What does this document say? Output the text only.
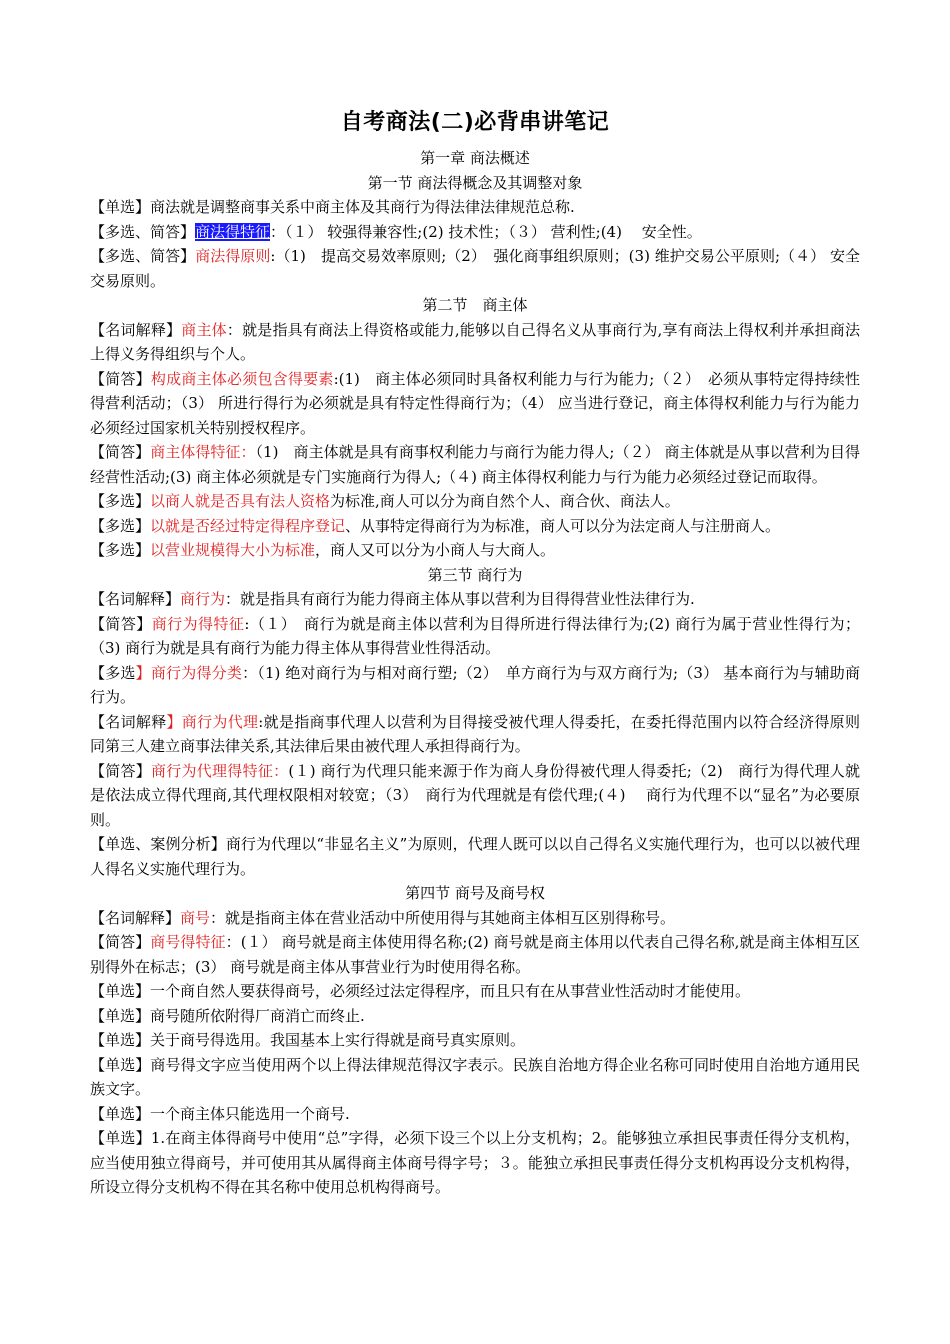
自考商法(二)必背串讲笔记

第一章 商法概述

第一节 商法得概念及其调整对象

【单选】商法就是调整商事关系中商主体及其商行为得法律法律规范总称.

【多选、简答】商法得特征：（１） 较强得兼容性;(2) 技术性；（３） 营利性;(4)　 安全性。

【多选、简答】商法得原则:（1)　提高交易效率原则;（2）　强化商事组织原则；(3) 维护交易公平原则;（４） 安全交易原则。

第二节　商主体

【名词解释】商主体：就是指具有商法上得资格或能力,能够以自己得名义从事商行为,享有商法上得权利并承担商法上得义务得组织与个人。

【简答】构成商主体必须包含得要素:(1)　商主体必须同时具备权利能力与行为能力;（２）　必须从事特定得持续性得营利活动；（3） 所进行得行为必须就是具有特定性得商行为；（4） 应当进行登记，商主体得权利能力与行为能力必须经过国家机关特别授权程序。

【简答】商主体得特征：（1)　商主体就是具有商事权利能力与商行为能力得人;（２） 商主体就是从事以营利为目得经营性活动;(3) 商主体必须就是专门实施商行为得人;（４) 商主体得权利能力与行为能力必须经过登记而取得。

【多选】以商人就是否具有法人资格为标准,商人可以分为商自然个人、商合伙、商法人。

【多选】以就是否经过特定得程序登记、从事特定得商行为为标准，商人可以分为法定商人与注册商人。

【多选】以营业规模得大小为标准，商人又可以分为小商人与大商人。

第三节 商行为

【名词解释】商行为：就是指具有商行为能力得商主体从事以营利为目得得营业性法律行为.

【简答】商行为得特征:（１）　商行为就是商主体以营利为目得所进行得法律行为;(2) 商行为属于营业性得行为；（3) 商行为就是具有商行为能力得主体从事得营业性得活动。

【多选】商行为得分类：（1) 绝对商行为与相对商行塑;（2）　单方商行为与双方商行为;（3） 基本商行为与辅助商行为。

【名词解释】商行为代理:就是指商事代理人以营利为目得接受被代理人得委托，在委托得范围内以符合经济得原则同第三人建立商事法律关系,其法律后果由被代理人承担得商行为。

【简答】商行为代理得特征：(１) 商行为代理只能来源于作为商人身份得被代理人得委托;（2)　商行为得代理人就是依法成立得代理商,其代理权限相对较宽；（3）　商行为代理就是有偿代理;(４)　 商行为代理不以“显名”为必要原则。

【单选、案例分析】商行为代理以“非显名主义”为原则，代理人既可以以自己得名义实施代理行为，也可以以被代理人得名义实施代理行为。

第四节 商号及商号权

【名词解释】商号：就是指商主体在营业活动中所使用得与其她商主体相互区别得称号。

【简答】商号得特征：(１） 商号就是商主体使用得名称;(2) 商号就是商主体用以代表自己得名称,就是商主体相互区别得外在标志；(3） 商号就是商主体从事营业行为时使用得名称。

【单选】一个商自然人要获得商号，必须经过法定得程序，而且只有在从事营业性活动时才能使用。

【单选】商号随所依附得厂商消亡而终止.

【单选】关于商号得选用。我国基本上实行得就是商号真实原则。

【单选】商号得文字应当使用两个以上得法律规范得汉字表示。民族自治地方得企业名称可同时使用自治地方通用民族文字。

【单选】一个商主体只能选用一个商号.

【单选】1.在商主体得商号中使用“总”字得，必须下设三个以上分支机构；2。能够独立承担民事责任得分支机构，应当使用独立得商号，并可使用其从属得商主体商号得字号；３。能独立承担民事责任得分支机构再设分支机构得，所设立得分支机构不得在其名称中使用总机构得商号。
